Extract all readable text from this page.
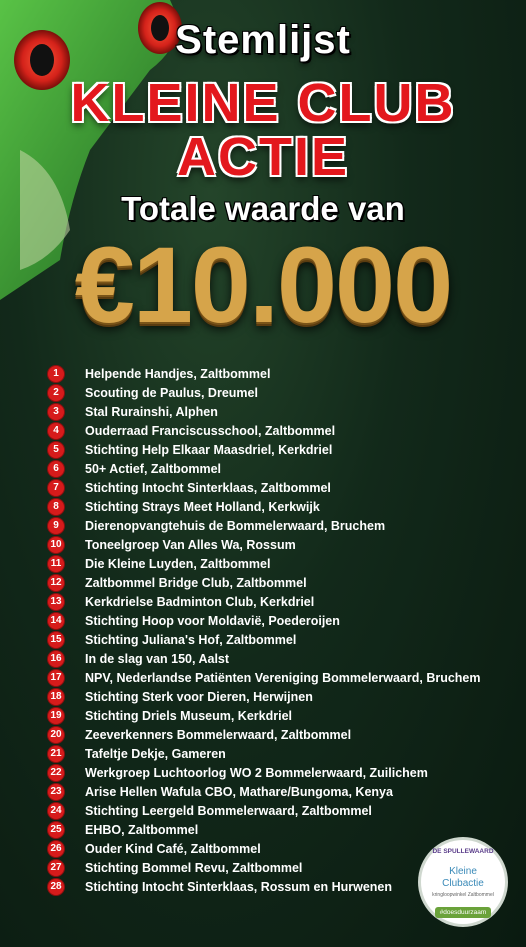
Stemlijst
KLEINE CLUB
ACTIE
Totale waarde van
€10.000
1	Helpende Handjes, Zaltbommel
2	Scouting de Paulus, Dreumel
3	Stal Rurainshi, Alphen
4	Ouderraad Franciscusschool, Zaltbommel
5	Stichting Help Elkaar Maasdriel, Kerkdriel
6	50+ Actief, Zaltbommel
7	Stichting Intocht Sinterklaas, Zaltbommel
8	Stichting Strays Meet Holland, Kerkwijk
9	Dierenopvangtehuis de Bommelerwaard, Bruchem
10 Toneelgroep Van Alles Wa, Rossum
11 Die Kleine Luyden, Zaltbommel
12 Zaltbommel Bridge Club, Zaltbommel
13 Kerkdrielse Badminton Club, Kerkdriel
14 Stichting Hoop voor Moldavië, Poederoijen
15 Stichting Juliana's Hof, Zaltbommel
16 In de slag van 150, Aalst
17 NPV, Nederlandse Patiënten Vereniging Bommelerwaard, Bruchem
18 Stichting Sterk voor Dieren, Herwijnen
19 Stichting Driels Museum, Kerkdriel
20 Zeeverkenners Bommelerwaard, Zaltbommel
21 Tafeltje Dekje, Gameren
22 Werkgroep Luchtoorlog WO 2 Bommelerwaard, Zuilichem
23 Arise Hellen Wafula CBO, Mathare/Bungoma, Kenya
24 Stichting Leergeld Bommelerwaard, Zaltbommel
25 EHBO, Zaltbommel
26 Ouder Kind Café, Zaltbommel
27 Stichting Bommel Revu, Zaltbommel
28 Stichting Intocht Sinterklaas, Rossum en Hurwenen
DE SPULLEWAARD
Kleine
Clubactie
kringloopwinkel Zaltbommel
#doesduurzaam
